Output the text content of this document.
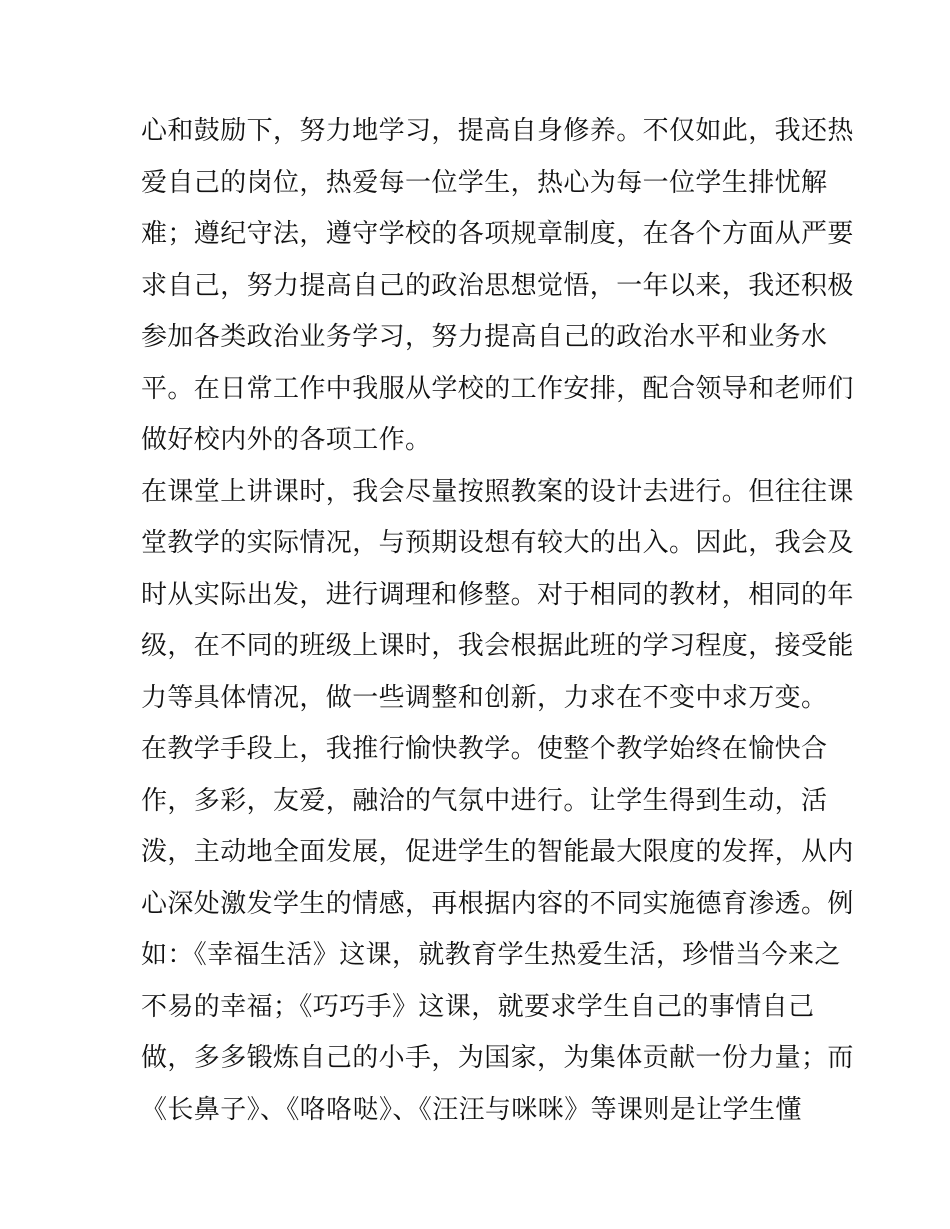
心和鼓励下，努力地学习，提高自身修养。不仅如此，我还热
爱自己的岗位，热爱每一位学生，热心为每一位学生排忧解
难；遵纪守法，遵守学校的各项规章制度，在各个方面从严要
求自己，努力提高自己的政治思想觉悟，一年以来，我还积极
参加各类政治业务学习，努力提高自己的政治水平和业务水
平。在日常工作中我服从学校的工作安排，配合领导和老师们
做好校内外的各项工作。
在课堂上讲课时，我会尽量按照教案的设计去进行。但往往课
堂教学的实际情况，与预期设想有较大的出入。因此，我会及
时从实际出发，进行调理和修整。对于相同的教材，相同的年
级，在不同的班级上课时，我会根据此班的学习程度，接受能
力等具体情况，做一些调整和创新，力求在不变中求万变。
在教学手段上，我推行愉快教学。使整个教学始终在愉快合
作，多彩，友爱，融洽的气氛中进行。让学生得到生动，活
泼，主动地全面发展，促进学生的智能最大限度的发挥，从内
心深处激发学生的情感，再根据内容的不同实施德育渗透。例
如：《幸福生活》这课，就教育学生热爱生活，珍惜当今来之
不易的幸福；《巧巧手》这课，就要求学生自己的事情自己
做，多多锻炼自己的小手，为国家，为集体贡献一份力量；而
《长鼻子》、《咯咯哒》、《汪汪与咪咪》等课则是让学生懂
